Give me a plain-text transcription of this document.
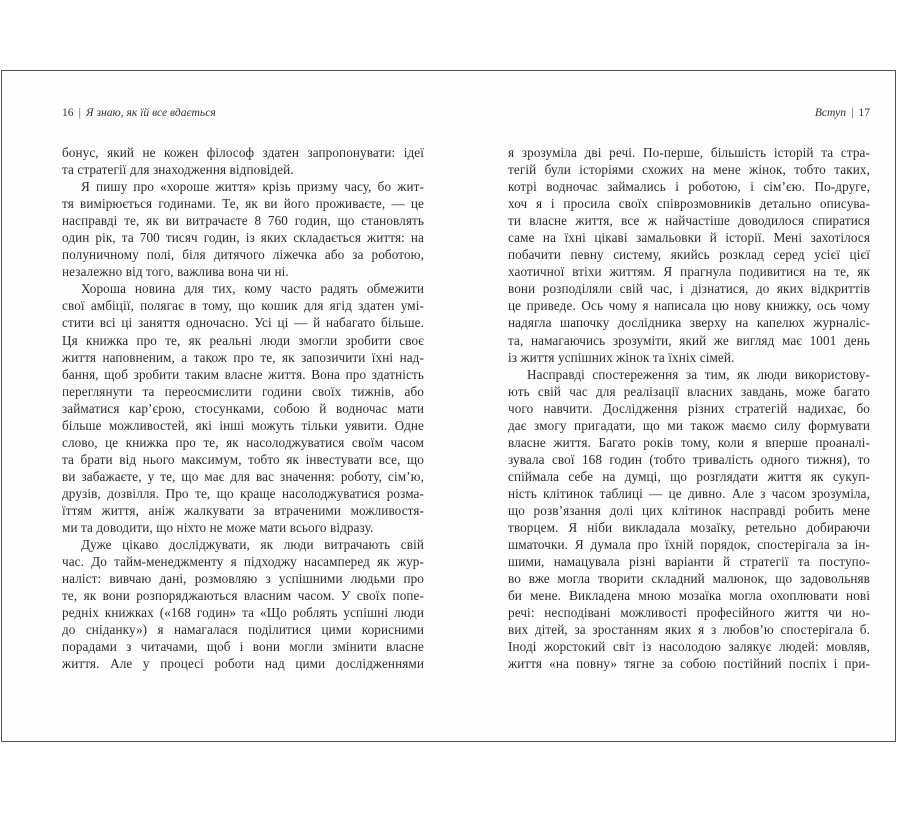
16 | Я знаю, як їй все вдається	Вступ | 17
бонус, який не кожен філософ здатен запропонувати: ідеї
та стратегії для знаходження відповідей.
Я пишу про «хороше життя» крізь призму часу, бо жит-
тя вимірюється годинами. Те, як ви його проживаєте, — це
насправді те, як ви витрачаєте 8 760 годин, що становлять
один рік, та 700 тисяч годин, із яких складається життя: на
полуничному полі, біля дитячого ліжечка або за роботою,
незалежно від того, важлива вона чи ні.
Хороша новина для тих, кому часто радять обмежити
свої амбіції, полягає в тому, що кошик для ягід здатен умі-
стити всі ці заняття одночасно. Усі ці — й набагато більше.
Ця книжка про те, як реальні люди змогли зробити своє
життя наповненим, а також про те, як запозичити їхні над-
бання, щоб зробити таким власне життя. Вона про здатність
переглянути та переосмислити години своїх тижнів, або
займатися кар’єрою, стосунками, собою й водночас мати
більше можливостей, які інші можуть тільки уявити. Одне
слово, це книжка про те, як насолоджуватися своїм часом
та брати від нього максимум, тобто як інвестувати все, що
ви забажаєте, у те, що має для вас значення: роботу, сім’ю,
друзів, дозвілля. Про те, що краще насолоджуватися розма-
їттям життя, аніж жалкувати за втраченими можливостя-
ми та доводити, що ніхто не може мати всього відразу.
Дуже цікаво досліджувати, як люди витрачають свій
час. До тайм-менеджменту я підходжу насамперед як жур-
наліст: вивчаю дані, розмовляю з успішними людьми про
те, як вони розпоряджаються власним часом. У своїх попе-
редніх книжках («168 годин» та «Що роблять успішні люди
до сніданку») я намагалася поділитися цими корисними
порадами з читачами, щоб і вони могли змінити власне
життя. Але у процесі роботи над цими дослідженнями
я зрозуміла дві речі. По-перше, більшість історій та стра-
тегій були історіями схожих на мене жінок, тобто таких,
котрі водночас займались і роботою, і сім’єю. По-друге,
хоч я і просила своїх співрозмовників детально описува-
ти власне життя, все ж найчастіше доводилося спиратися
саме на їхні цікаві замальовки й історії. Мені захотілося
побачити певну систему, якийсь розклад серед усієї цієї
хаотичної втіхи життям. Я прагнула подивитися на те, як
вони розподіляли свій час, і дізнатися, до яких відкриттів
це приведе. Ось чому я написала цю нову книжку, ось чому
надягла шапочку дослідника зверху на капелюх журналіс-
та, намагаючись зрозуміти, який же вигляд має 1001 день
із життя успішних жінок та їхніх сімей.
Насправді спостереження за тим, як люди використову-
ють свій час для реалізації власних завдань, може багато
чого навчити. Дослідження різних стратегій надихає, бо
дає змогу пригадати, що ми також маємо силу формувати
власне життя. Багато років тому, коли я вперше проаналі-
зувала свої 168 годин (тобто тривалість одного тижня), то
спіймала себе на думці, що розглядати життя як сукуп-
ність клітинок таблиці — це дивно. Але з часом зрозуміла,
що розв’язання долі цих клітинок насправді робить мене
творцем. Я ніби викладала мозаїку, ретельно добираючи
шматочки. Я думала про їхній порядок, спостерігала за ін-
шими, намацувала різні варіанти й стратегії та поступо-
во вже могла творити складний малюнок, що задовольняв
би мене. Викладена мною мозаїка могла охоплювати нові
речі: несподівані можливості професійного життя чи но-
вих дітей, за зростанням яких я з любов’ю спостерігала б.
Іноді жорстокий світ із насолодою залякує людей: мовляв,
життя «на повну» тягне за собою постійний поспіх і при-
